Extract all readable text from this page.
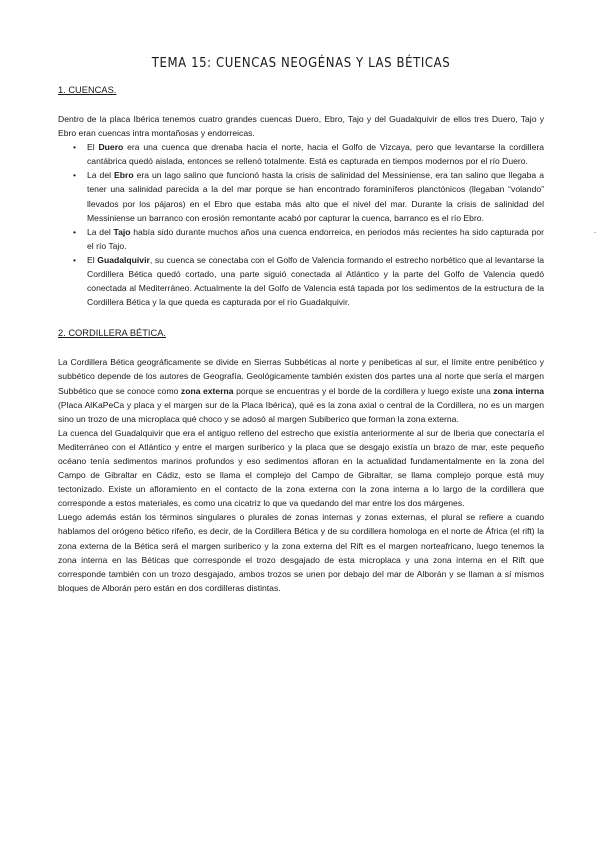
TEMA 15: CUENCAS NEOGÉNAS Y LAS BÉTICAS
1. CUENCAS.

Dentro de la placa Ibérica tenemos cuatro grandes cuencas Duero, Ebro, Tajo y del Guadalquivir de ellos tres Duero, Tajo y Ebro eran cuencas intra montañosas y endorreicas.

• El Duero era una cuenca que drenaba hacia el norte, hacia el Golfo de Vizcaya, pero que levantarse la cordillera cantábrica quedó aislada, entonces se rellenó totalmente. Está es capturada en tiempos modernos por el río Duero.
• La del Ebro era un lago salino que funcionó hasta la crisis de salinidad del Messiniense, era tan salino que llegaba a tener una salinidad parecida a la del mar porque se han encontrado foraminíferos planctónicos (llegaban “volando” llevados por los pájaros) en el Ebro que estaba más alto que el nivel del mar. Durante la crisis de salinidad del Messiniense un barranco con erosión remontante acabó por capturar la cuenca, barranco es el río Ebro.
• La del Tajo había sido durante muchos años una cuenca endorreica, en periodos más recientes ha sido capturada por el río Tajo.
• El Guadalquivir, su cuenca se conectaba con el Golfo de Valencia formando el estrecho norbético que al levantarse la Cordillera Bética quedó cortado, una parte siguió conectada al Atlántico y la parte del Golfo de Valencia quedó conectada al Mediterráneo. Actualmente la del Golfo de Valencia está tapada por los sedimentos de la estructura de la Cordillera Bética y la que queda es capturada por el río Guadalquivir.
2. CORDILLERA BÉTICA.

La Cordillera Bética geográficamente se divide en Sierras Subbéticas al norte y penibeticas al sur, el límite entre penibético y subbético depende de los autores de Geografía. Geológicamente también existen dos partes una al norte que sería el margen Subbético que se conoce como zona externa porque se encuentras y el borde de la cordillera y luego existe una zona interna (Placa AlKaPeCa y placa y el margen sur de la Placa Ibérica), qué es la zona axial o central de la Cordillera, no es un margen sino un trozo de una microplaca qué choco y se adosó al margen Subiberico que forman la zona externa.

La cuenca del Guadalquivir que era el antiguo relleno del estrecho que existía anteriormente al sur de Iberia que conectaría el Mediterráneo con el Atlántico y entre el margen suriberico y la placa que se desgajo existía un brazo de mar, este pequeño océano tenía sedimentos marinos profundos y eso sedimentos afloran en la actualidad fundamentalmente en la zona del Campo de Gibraltar en Cádiz, esto se llama el complejo del Campo de Gibraltar, se llama complejo porque está muy tectonizado. Existe un afloramiento en el contacto de la zona externa con la zona interna a lo largo de la cordillera que corresponde a estos materiales, es como una cicatriz lo que va quedando del mar entre los dos márgenes.

Luego además están los términos singulares o plurales de zonas internas y zonas externas, el plural se refiere a cuando hablamos del orógeno bético rifeño, es decir, de la Cordillera Bética y de su cordillera homologa en el norte de África (el rift) la zona externa de la Bética será el margen suriberico y la zona externa del Rift es el margen norteafricano, luego tenemos la zona interna en las Béticas que corresponde el trozo desgajado de esta microplaca y una zona interna en el Rift que corresponde también con un trozo desgajado, ambos trozos se unen por debajo del mar de Alborán y se llaman a sí mismos bloques de Alborán pero están en dos cordilleras distintas.

-
